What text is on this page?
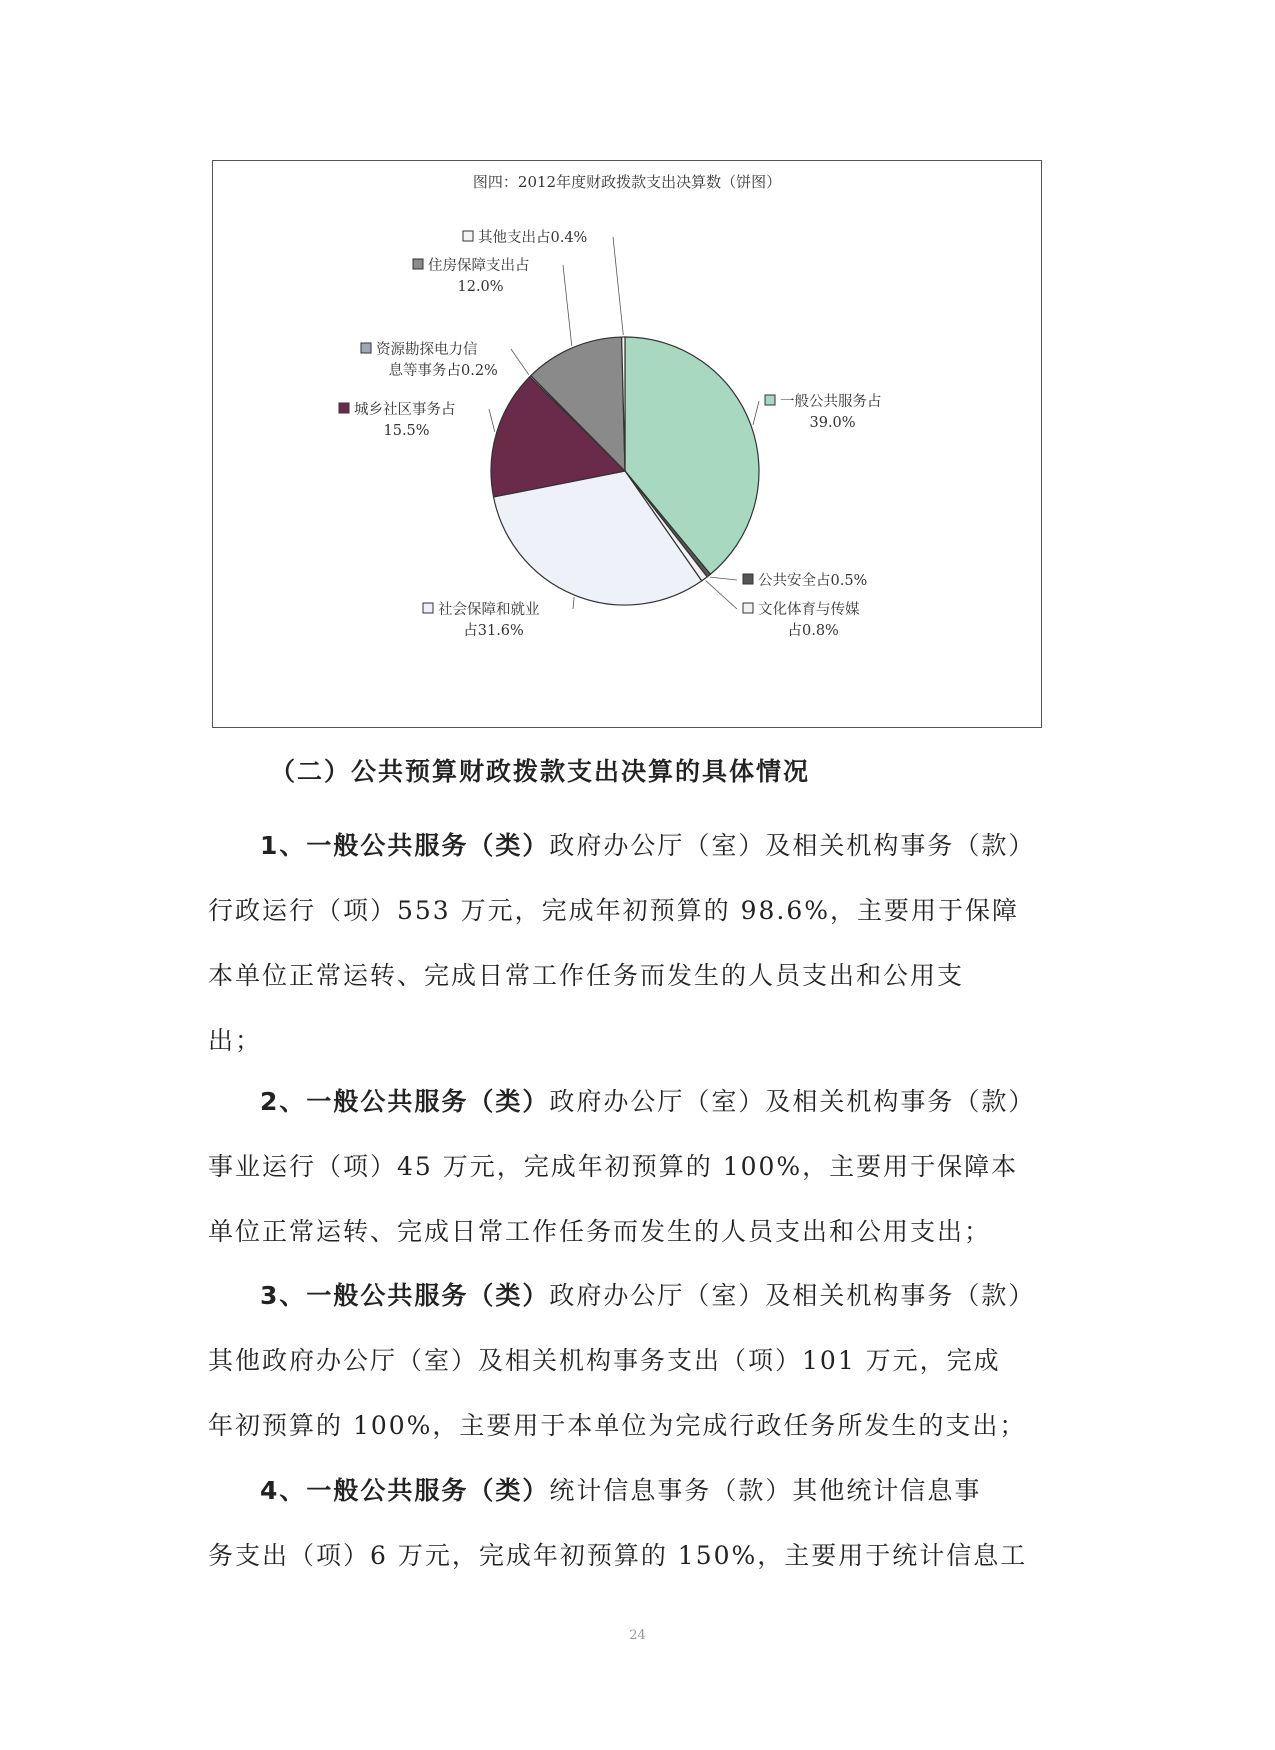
图四：2012年度财政拨款支出决算数（饼图）
一般公共服务占
39.0%
公共安全占0.5%
文化体育与传媒
占0.8%
社会保障和就业
占31.6%
城乡社区事务占
15.5%
资源勘探电力信
息等事务占0.2%
住房保障支出占
12.0%
其他支出占0.4%
（二）公共预算财政拨款支出决算的具体情况
1、一般公共服务（类）政府办公厅（室）及相关机构事务（款）
行政运行（项）553 万元，完成年初预算的 98.6%，主要用于保障
本单位正常运转、完成日常工作任务而发生的人员支出和公用支
出；
2、一般公共服务（类）政府办公厅（室）及相关机构事务（款）
事业运行（项）45 万元，完成年初预算的 100%，主要用于保障本
单位正常运转、完成日常工作任务而发生的人员支出和公用支出；
3、一般公共服务（类）政府办公厅（室）及相关机构事务（款）
其他政府办公厅（室）及相关机构事务支出（项）101 万元，完成
年初预算的 100%，主要用于本单位为完成行政任务所发生的支出；
4、一般公共服务（类）统计信息事务（款）其他统计信息事
务支出（项）6 万元，完成年初预算的 150%，主要用于统计信息工
24
